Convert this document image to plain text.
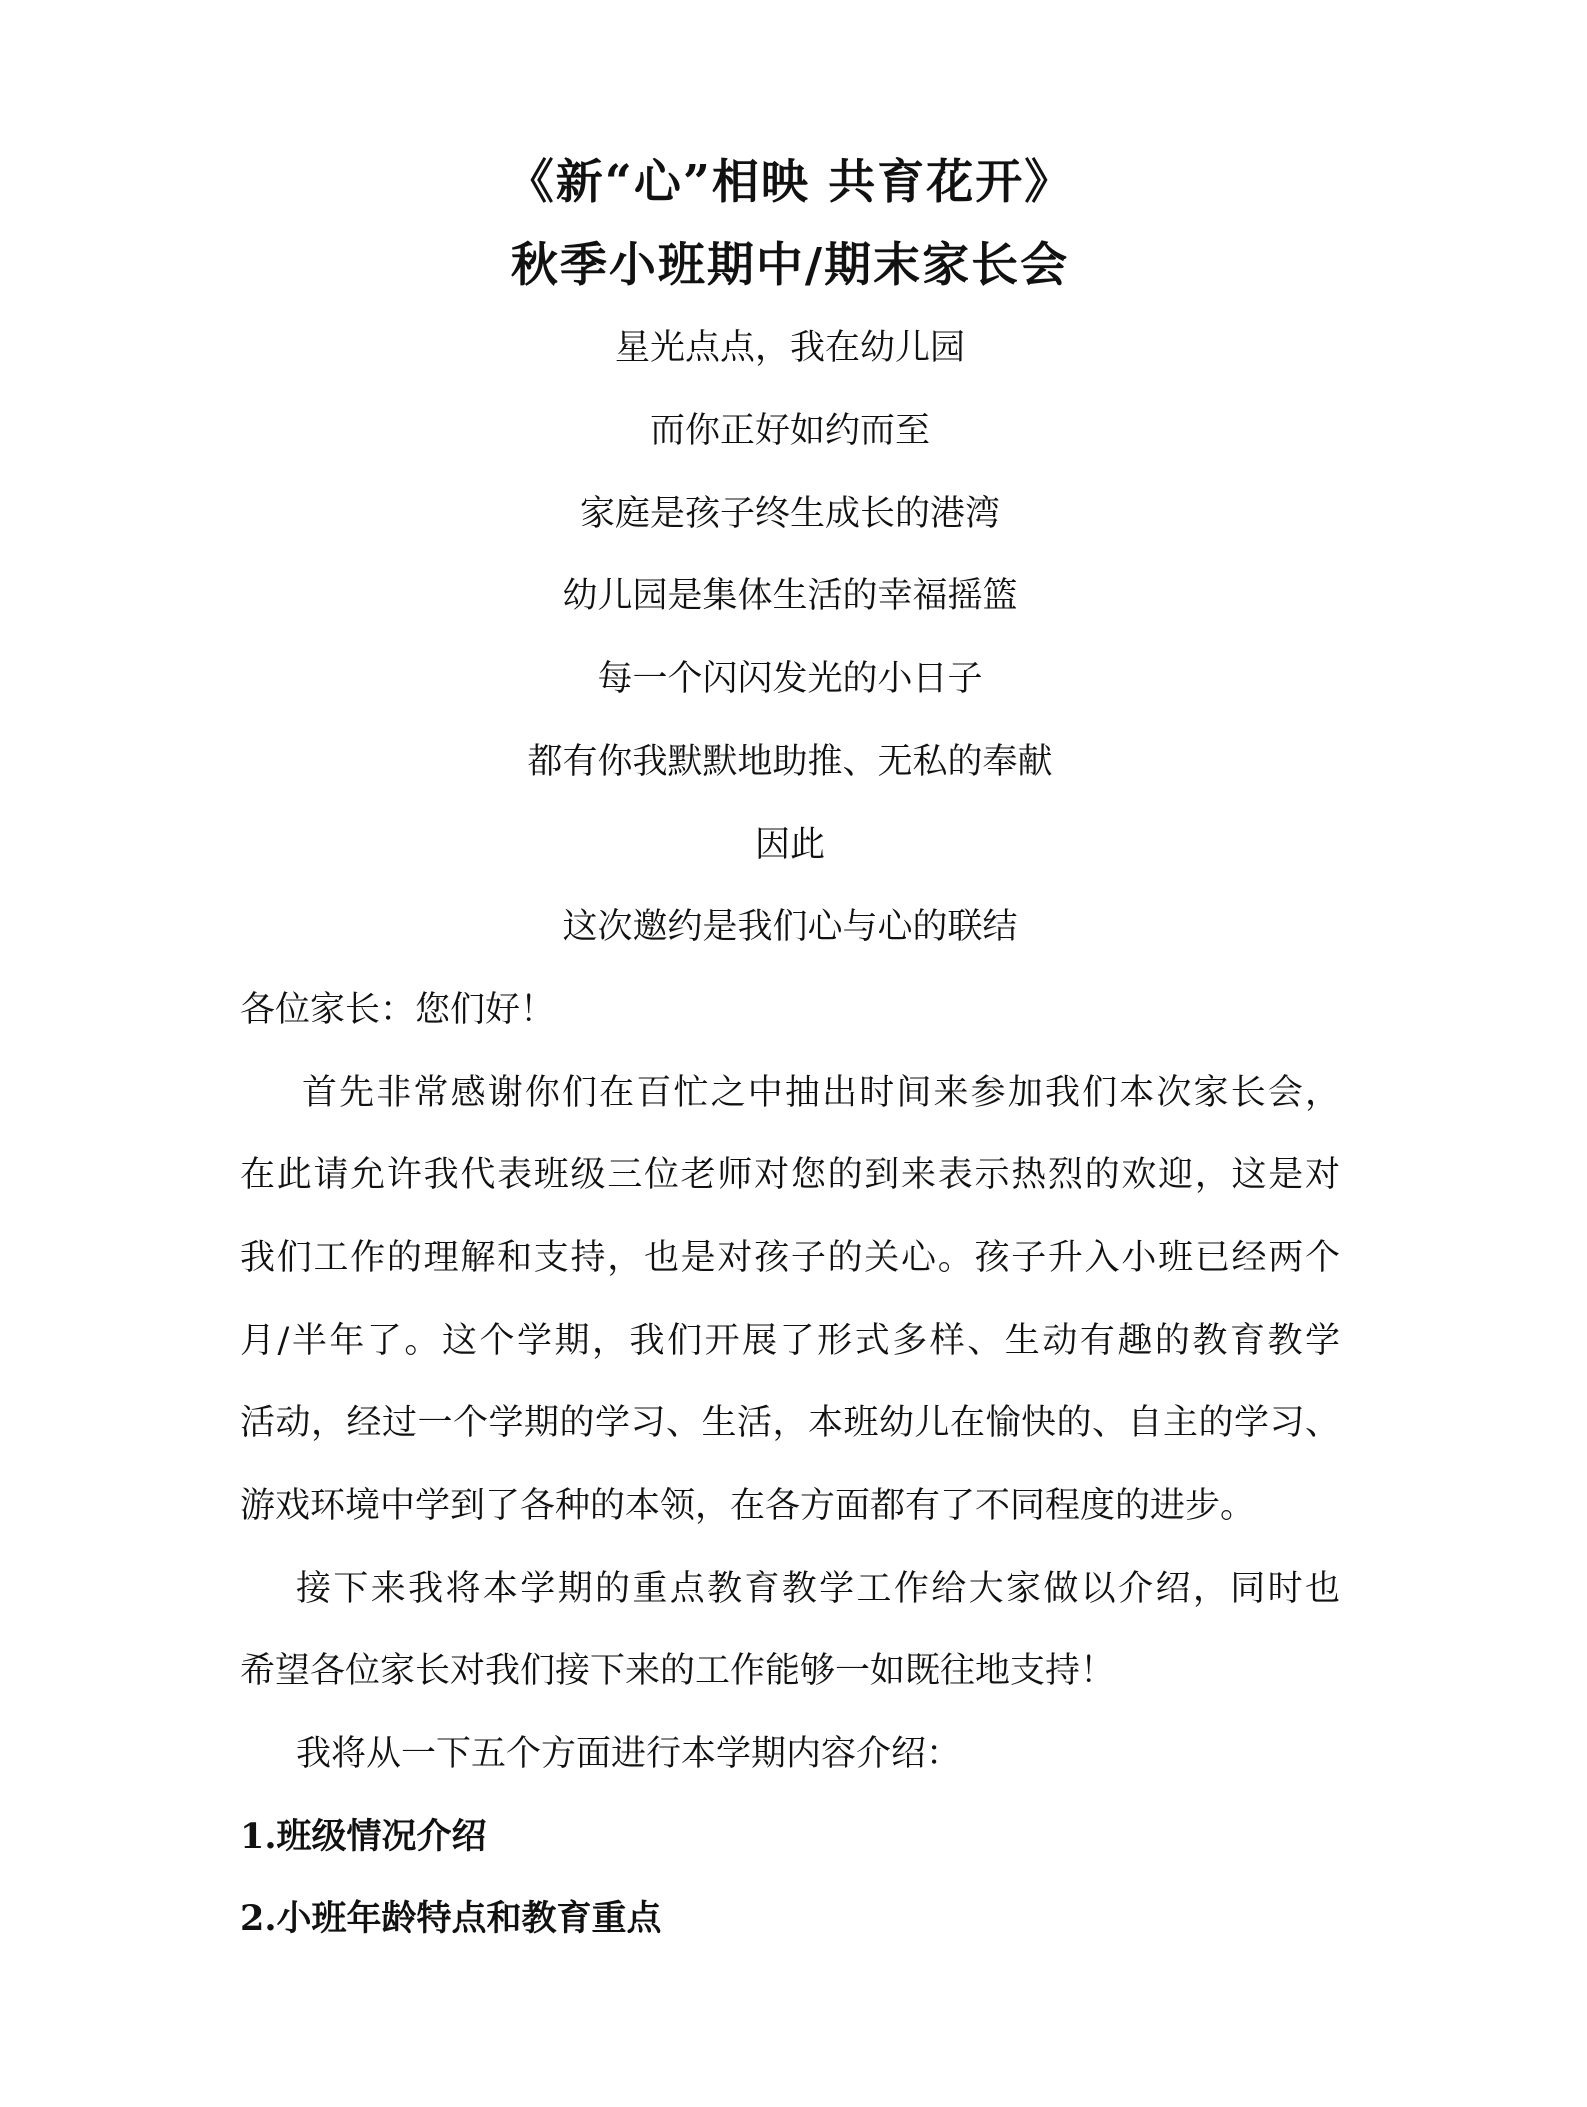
《新“心”相映 共育花开》
秋季小班期中/期末家长会
星光点点，我在幼儿园
而你正好如约而至
家庭是孩子终生成长的港湾
幼儿园是集体生活的幸福摇篮
每一个闪闪发光的小日子
都有你我默默地助推、无私的奉献
因此
这次邀约是我们心与心的联结
各位家长：您们好！
首先非常感谢你们在百忙之中抽出时间来参加我们本次家长会，
在此请允许我代表班级三位老师对您的到来表示热烈的欢迎，这是对
我们工作的理解和支持，也是对孩子的关心。孩子升入小班已经两个
月/半年了。这个学期，我们开展了形式多样、生动有趣的教育教学
活动，经过一个学期的学习、生活，本班幼儿在愉快的、自主的学习、
游戏环境中学到了各种的本领，在各方面都有了不同程度的进步。
接下来我将本学期的重点教育教学工作给大家做以介绍，同时也
希望各位家长对我们接下来的工作能够一如既往地支持！
我将从一下五个方面进行本学期内容介绍：
1.班级情况介绍
2.小班年龄特点和教育重点
